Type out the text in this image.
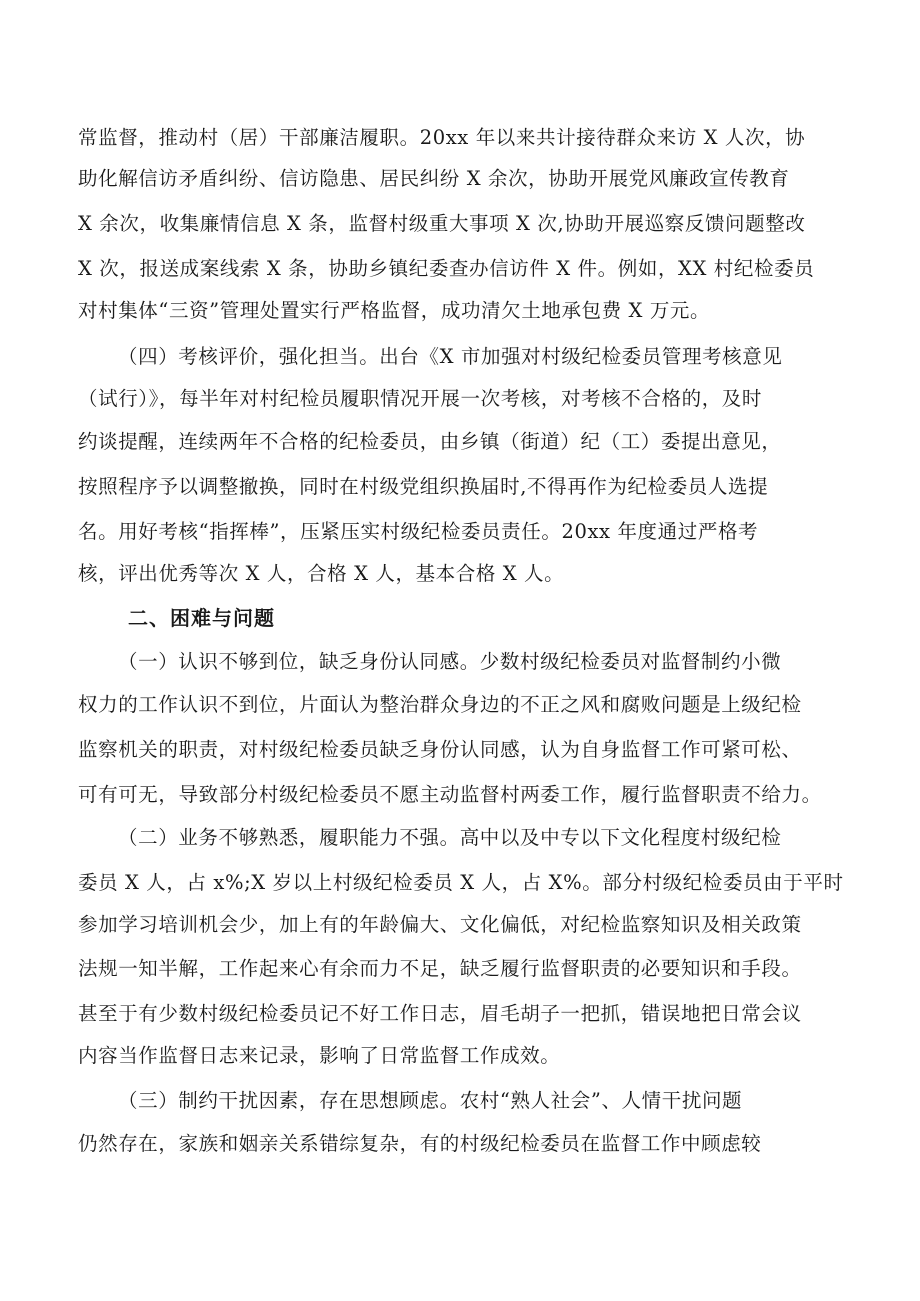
常监督，推动村（居）干部廉洁履职。20xx 年以来共计接待群众来访 X 人次，协
助化解信访矛盾纠纷、信访隐患、居民纠纷 X 余次，协助开展党风廉政宣传教育
X 余次，收集廉情信息 X 条，监督村级重大事项 X 次,协助开展巡察反馈问题整改
X 次，报送成案线索 X 条，协助乡镇纪委查办信访件 X 件。例如，XX 村纪检委员
对村集体“三资”管理处置实行严格监督，成功清欠土地承包费 X 万元。
（四）考核评价，强化担当。出台《X 市加强对村级纪检委员管理考核意见
（试行）》，每半年对村纪检员履职情况开展一次考核，对考核不合格的，及时
约谈提醒，连续两年不合格的纪检委员，由乡镇（街道）纪（工）委提出意见，
按照程序予以调整撤换，同时在村级党组织换届时,不得再作为纪检委员人选提
名。用好考核“指挥棒”，压紧压实村级纪检委员责任。20xx 年度通过严格考
核，评出优秀等次 X 人，合格 X 人，基本合格 X 人。
二、困难与问题
（一）认识不够到位，缺乏身份认同感。少数村级纪检委员对监督制约小微
权力的工作认识不到位，片面认为整治群众身边的不正之风和腐败问题是上级纪检
监察机关的职责，对村级纪检委员缺乏身份认同感，认为自身监督工作可紧可松、
可有可无，导致部分村级纪检委员不愿主动监督村两委工作，履行监督职责不给力。
（二）业务不够熟悉，履职能力不强。高中以及中专以下文化程度村级纪检
委员 X 人，占 x%;X 岁以上村级纪检委员 X 人，占 X%。部分村级纪检委员由于平时
参加学习培训机会少，加上有的年龄偏大、文化偏低，对纪检监察知识及相关政策
法规一知半解，工作起来心有余而力不足，缺乏履行监督职责的必要知识和手段。
甚至于有少数村级纪检委员记不好工作日志，眉毛胡子一把抓，错误地把日常会议
内容当作监督日志来记录，影响了日常监督工作成效。
（三）制约干扰因素，存在思想顾虑。农村“熟人社会”、人情干扰问题
仍然存在，家族和姻亲关系错综复杂，有的村级纪检委员在监督工作中顾虑较
